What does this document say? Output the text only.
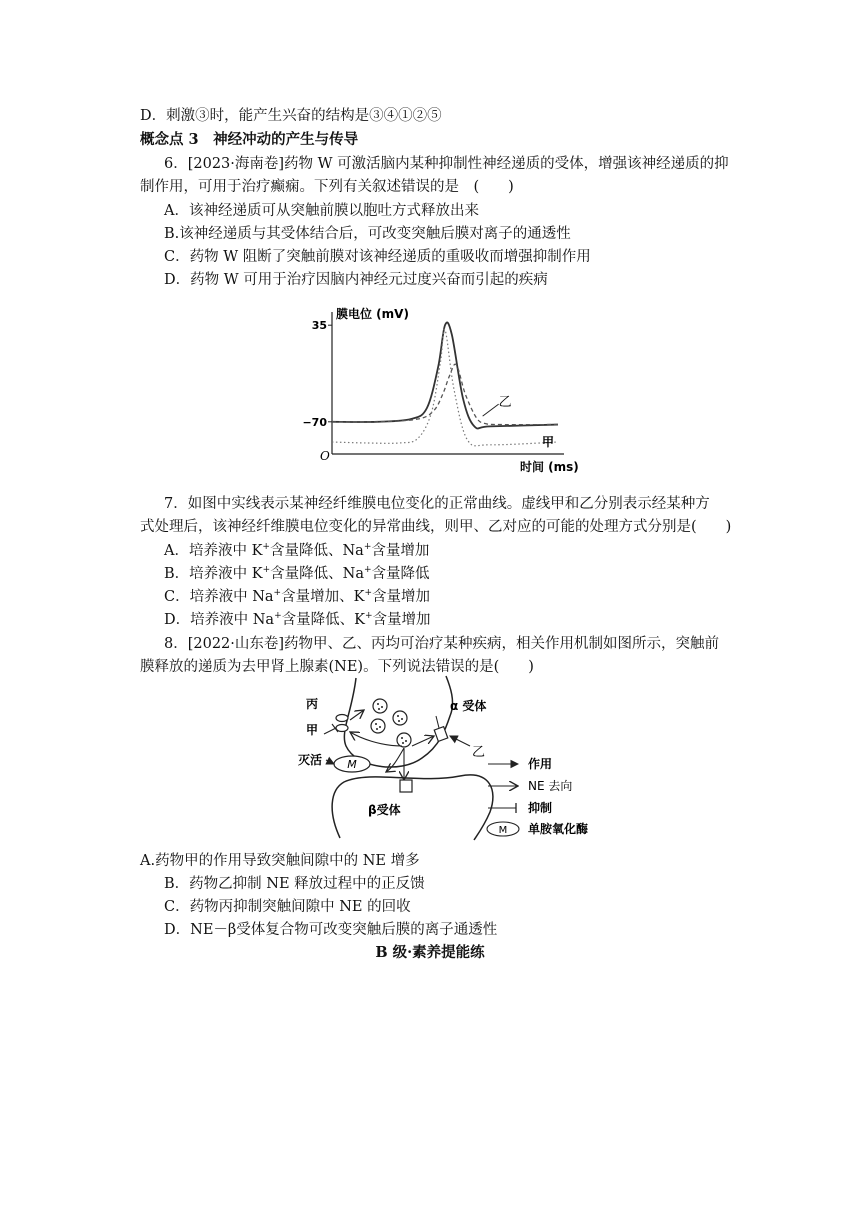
D．刺激③时，能产生兴奋的结构是③④①②⑤
概念点 3　神经冲动的产生与传导
6．[2023·海南卷]药物 W 可激活脑内某种抑制性神经递质的受体，增强该神经递质的抑
制作用，可用于治疗癫痫。下列有关叙述错误的是　(　　)
A．该神经递质可从突触前膜以胞吐方式释放出来
B.该神经递质与其受体结合后，可改变突触后膜对离子的通透性
C．药物 W 阻断了突触前膜对该神经递质的重吸收而增强抑制作用
D．药物 W 可用于治疗因脑内神经元过度兴奋而引起的疾病
膜电位 (mV)
时间 (ms)
O
35
−70
乙
甲
7．如图中实线表示某神经纤维膜电位变化的正常曲线。虚线甲和乙分别表示经某种方
式处理后，该神经纤维膜电位变化的异常曲线，则甲、乙对应的可能的处理方式分别是(　　)
A．培养液中 K+含量降低、Na+含量增加
B．培养液中 K+含量降低、Na+含量降低
C．培养液中 Na+含量增加、K+含量增加
D．培养液中 Na+含量降低、K+含量增加
8．[2022·山东卷]药物甲、乙、丙均可治疗某种疾病，相关作用机制如图所示，突触前
膜释放的递质为去甲肾上腺素(NE)。下列说法错误的是(　　)
M
丙
甲
灭活
α 受体
乙
β受体
作用
NE 去向
抑制
单胺氧化酶
M
A.药物甲的作用导致突触间隙中的 NE 增多
B．药物乙抑制 NE 释放过程中的正反馈
C．药物丙抑制突触间隙中 NE 的回收
D．NE－β受体复合物可改变突触后膜的离子通透性
B 级·素养提能练
